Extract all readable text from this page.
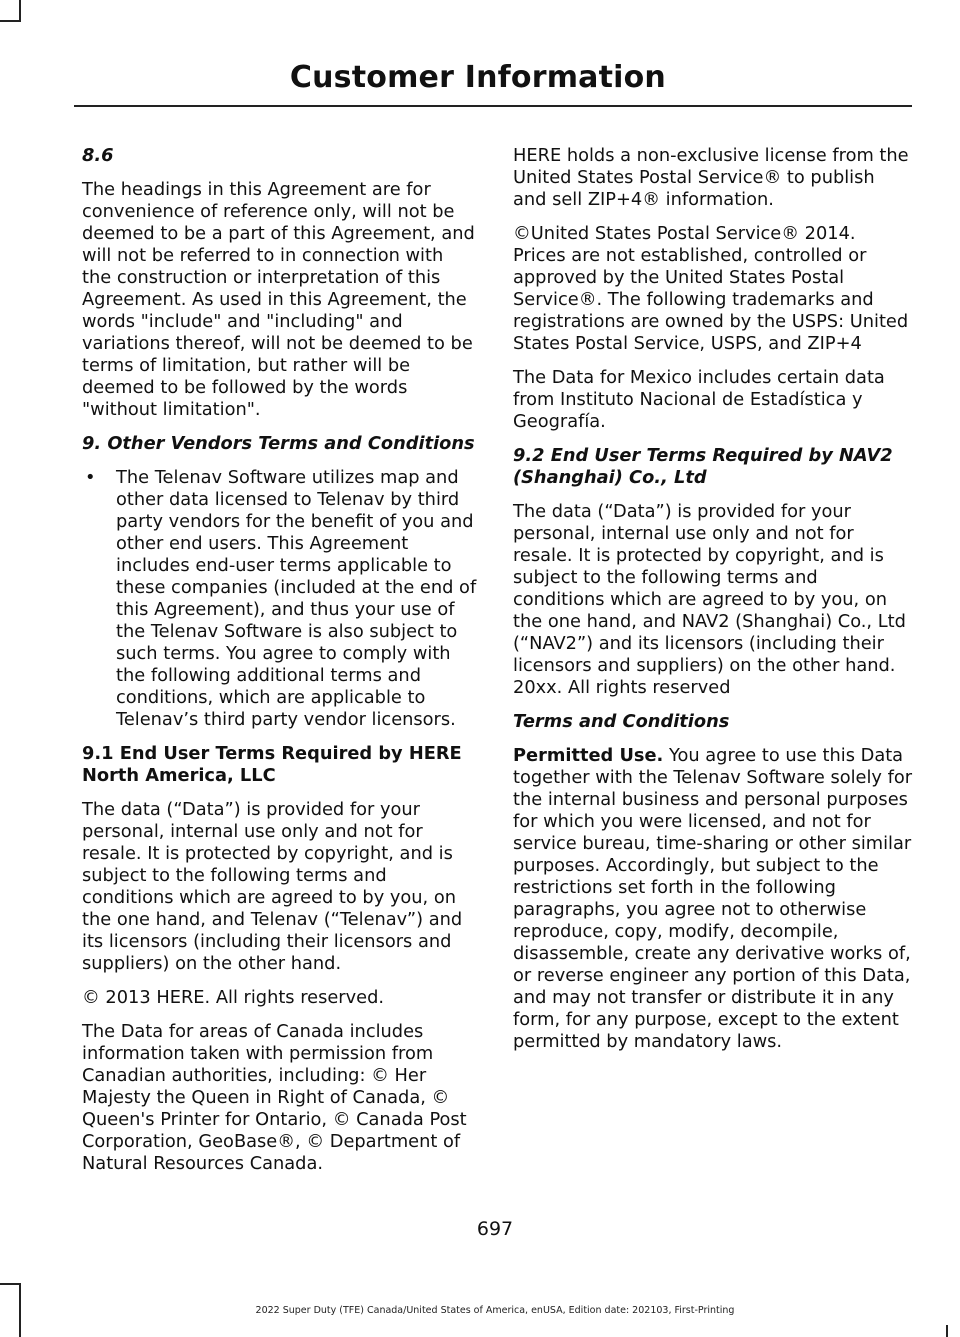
Customer Information

8.6

The headings in this Agreement are for convenience of reference only, will not be deemed to be a part of this Agreement, and will not be referred to in connection with the construction or interpretation of this Agreement. As used in this Agreement, the words "include" and "including" and variations thereof, will not be deemed to be terms of limitation, but rather will be deemed to be followed by the words "without limitation".

9. Other Vendors Terms and Conditions

• The Telenav Software utilizes map and other data licensed to Telenav by third party vendors for the benefit of you and other end users. This Agreement includes end-user terms applicable to these companies (included at the end of this Agreement), and thus your use of the Telenav Software is also subject to such terms. You agree to comply with the following additional terms and conditions, which are applicable to Telenav’s third party vendor licensors.

9.1 End User Terms Required by HERE North America, LLC

The data (“Data”) is provided for your personal, internal use only and not for resale. It is protected by copyright, and is subject to the following terms and conditions which are agreed to by you, on the one hand, and Telenav (“Telenav”) and its licensors (including their licensors and suppliers) on the other hand.

© 2013 HERE. All rights reserved.

The Data for areas of Canada includes information taken with permission from Canadian authorities, including: © Her Majesty the Queen in Right of Canada, © Queen's Printer for Ontario, © Canada Post Corporation, GeoBase®, © Department of Natural Resources Canada.

HERE holds a non-exclusive license from the United States Postal Service® to publish and sell ZIP+4® information.

©United States Postal Service® 2014. Prices are not established, controlled or approved by the United States Postal Service®. The following trademarks and registrations are owned by the USPS: United States Postal Service, USPS, and ZIP+4

The Data for Mexico includes certain data from Instituto Nacional de Estadística y Geografía.

9.2 End User Terms Required by NAV2 (Shanghai) Co., Ltd

The data (“Data”) is provided for your personal, internal use only and not for resale. It is protected by copyright, and is subject to the following terms and conditions which are agreed to by you, on the one hand, and NAV2 (Shanghai) Co., Ltd (“NAV2”) and its licensors (including their licensors and suppliers) on the other hand. 20xx. All rights reserved

Terms and Conditions

Permitted Use. You agree to use this Data together with the Telenav Software solely for the internal business and personal purposes for which you were licensed, and not for service bureau, time-sharing or other similar purposes. Accordingly, but subject to the restrictions set forth in the following paragraphs, you agree not to otherwise reproduce, copy, modify, decompile, disassemble, create any derivative works of, or reverse engineer any portion of this Data, and may not transfer or distribute it in any form, for any purpose, except to the extent permitted by mandatory laws.

697
2022 Super Duty (TFE) Canada/United States of America, enUSA, Edition date: 202103, First-Printing
